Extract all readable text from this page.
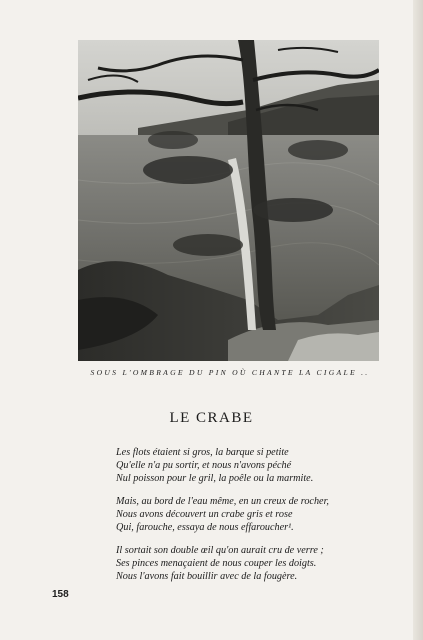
SOUS L'OMBRAGE DU PIN OÙ CHANTE LA CIGALE ..
LE CRABE
Les flots étaient si gros, la barque si petite
Qu'elle n'a pu sortir, et nous n'avons péché
Nul poisson pour le gril, la poêle ou la marmite.
Mais, au bord de l'eau même, en un creux de rocher,
Nous avons découvert un crabe gris et rose
Qui, farouche, essaya de nous effaroucher¹.
Il sortait son double œil qu'on aurait cru de verre ;
Ses pinces menaçaient de nous couper les doigts.
Nous l'avons fait bouillir avec de la fougère.
158
